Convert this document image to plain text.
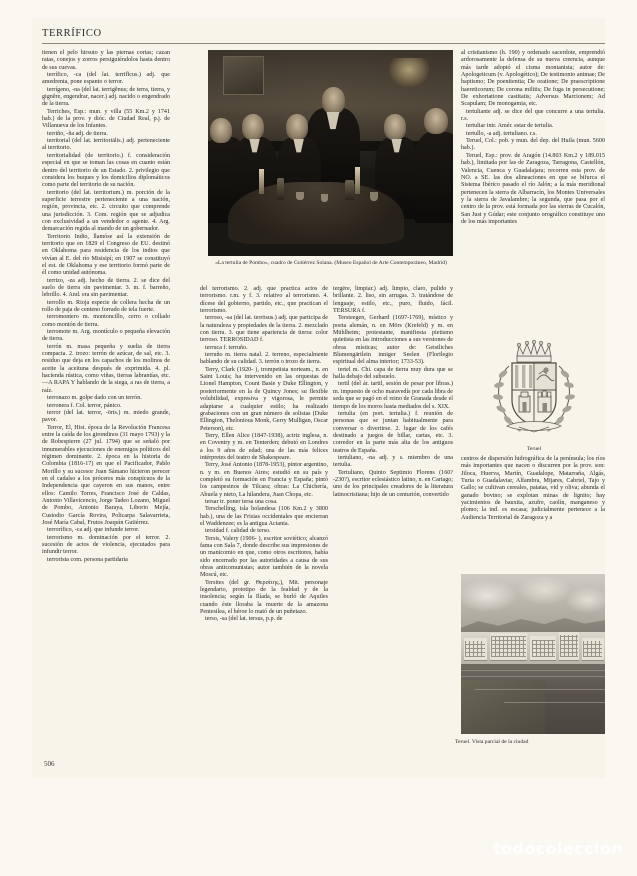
TERRÍFICO
«La tertulia de Pombo», cuadro de Gutiérrez Solana. (Museo Español de Arte Contemporáneo, Madrid)

tienen el pelo hirsuto y las piernas cortas; cazan ratas, conejos y zorros persiguiéndolos hasta dentro de sus cuevas.

terrífico, -ca (del lat. terrifĭcus.) adj. que amedrenta, pone espanto o terror.

terrígeno, -na (del lat. terrigĕnus; de terra, tierra, y gignĕre, engendrar, nacer.) adj. nacido o engendrado de la tierra.

Terriches, Esp.: mun. y villa (55 Km.2 y 1741 hab.) de la prov. y dióc. de Ciudad Real, p.j. de Villanueva de los Infantes.

terriño, -ña adj. de tierra.

territorial (del lat. territoriālis.) adj. perteneciente al territorio.

territorialidad (de territorio.) f. consideración especial en que se toman las cosas en cuanto están dentro del territorio de un Estado. 2. privilegio que considera los buques y los domicilios diplomáticos como parte del territorio de su nación.

territorio (del lat. territorium.) m. porción de la superficie terrestre perteneciente a una nación, región, provincia, etc. 2. circuito que comprende una jurisdicción. 3. Com. región que se adjudica con exclusividad a un vendedor o agente. 4. Arg. demarcación regida al mando de un gobernador.

Territorio Indio, llamóse así la extensión de territorio que en 1829 el Congreso de EU. destinó en Oklahoma para residencia de los indios que vivían al E. del río Misisipí; en 1907 se constituyó el est. de Oklahoma y ese territorio formó parte de él como unidad autónoma.

terrizo, -za adj. hecho de tierra. 2. se dice del suelo de tierra sin pavimentar. 3. m. f. barreño, lebrillo. 4. And. era sin pavimentar.

terrollo m. Rioja especie de collera hecha de un rollo de paja de centeno forrado de tela fuerte.

terromontero m. montoncillo, cerro o collado como montón de tierra.

terromote m. Arg. montículo o pequeña elevación de tierra.

terrón m. masa pequeña y suelta de tierra compacta. 2. trozo: terrón de azúcar, de sal, etc. 3. residuo que deja en los capachos de los molinos de aceite la aceituna después de exprimida. 4. pl. hacienda rústica, como viñas, tierras labrantías, etc.—A RAPA Y hablando de la siega, a ras de tierra, a raíz.

terronazo m. golpe dado con un terrón.

terronera f. Col. terror, pánico.

terror (del lat. terror, -ōris.) m. miedo grande, pavor.

Terror, El, Hist. época de la Revolución Francesa entre la caída de los girondinos (31 mayo 1793) y la de Robespierre (27 jul. 1794) que se señaló por innumerables ejecuciones de enemigos políticos del régimen dominante. 2. época en la historia de Colombia (1816-17) en que el Pacificador, Pablo Morillo y su sucesor Juan Sámano hicieron perecer en el cadalso a los próceres más conspicuos de la Independencia que cayeron en sus manos, entre ellos: Camilo Torres, Francisco José de Caldas, Antonio Villavicencio, Jorge Tadeo Lozano, Miguel de Pombo, Antonio Baraya, Liborio Mejía, Custodio García Rovira, Policarpa Salavarrieta, José María Cabal, Frutos Joaquín Gutiérrez.

terrorífico, -ca adj. que infunde terror.

terrorismo m. dominación por el terror. 2. sucesión de actos de violencia, ejecutados para infundir terror.

terrorista com. persona partidaria

del terrorismo. 2. adj. que practica actos de terrorismo. r.m. y f. 3. relativo al terrorismo. 4. dícese del gobierno, partido, etc., que practican el terrorismo.

terroso, -sa (del lat. terrōsus.) adj. que participa de la naturaleza y propiedades de la tierra. 2. mezclado con tierra. 3. que tiene apariencia de tierra: color terroso. TERROSIDAD f.

terruca f. terruño.

terruño m. tierra natal. 2. terreno, especialmente hablando de su calidad. 3. terrón o trozo de tierra.

Terry, Clark (1920- ), trompetista norteam., n. en Saint Louis; ha intervenido en las orquestas de Lionel Hampton, Count Basie y Duke Ellington, y posteriormente en la de Quincy Jones; su flexible volubilidad, expresiva y vigorosa, le permite adaptarse a cualquier estilo; ha realizado grabaciones con un gran número de solistas (Duke Ellington, Thelonious Monk, Gerry Mulligan, Oscar Peterson), etc.

Terry, Ellen Alice (1847-1938), actriz inglesa, n. en Coventry y m. en Tenterden; debutó en Londres a los 9 años de edad; una de las más felices intérpretes del teatro de Shakespeare.

Terry, José Antonio (1878-1953), pintor argentino, n. y m. en Buenos Aires; estudió en su país y completó su formación en Francia y España; pintó los campesinos de Tilcara; obras: La Chichería, Abuela y nieto, La hilandera, Juan Chopa, etc.

tersar tr. poner tersa una cosa.

Terschelling, isla holandesa (106 Km.2 y 3800 hab.), una de las Frisias occidentales que encierran el Waddenzee; es la antigua Actania.

tersidad f. calidad de terso.

Tersis, Valery (1906- ), escritor soviético; alcanzó fama con Sala 7, donde describe sus impresiones de un manicomio en que, como otros escritores, había sido encerrado por las autoridades a causa de sus obras anticomunistas; autor también de la novela Moscú, etc.

Tersites (del gr. Θερσίτης.), Mit. personaje legendario, prototipo de la fealdad y de la insolencia; según la Ilíada, se burló de Aquiles cuando éste lloraba la muerte de la amazona Pentesilea, el héroe lo mató de un puñetazo.

terso, -sa (del lat. tersus, p.p. de

tergēre, limpiar.) adj. limpio, claro, pulido y brillante. 2. liso, sin arrugas. 3. tratándose de lenguaje, estilo, etc., puro, fluido, fácil. TERSURA f.

Tersteegen, Gerhard (1697-1769), místico y poeta alemán, n. en Mörs (Krefeld) y m. en Mühlheim; protestante, manifiesta pietismo quietista en las introducciones a sus versiones de obras místicas; autor de: Geistliches Blumengärtlein inniger Seelen (Florilegio espiritual del alma interior; 1733-53).

tertel m. Chi. capa de tierra muy dura que se halla debajo del subsuelo.

tertil (del ár. tartil, sesión de pesar por libras.) m. impuesto de ocho maravedís por cada libra de seda que se pagó en el reino de Granada desde el tiempo de los moros hasta mediados del s. XIX.

tertulia (en port. tertulia.) f. reunión de personas que se juntan habitualmente para conversar o divertirse. 2. lugar de los cafés destinado a juegos de billar, cartas, etc. 3. corredor en la parte más alta de los antiguos teatros de España.

tertuliano, -na adj. y s. miembro de una tertulia.

Tertuliano, Quinto Septimio Florens (160?-230?), escritor eclesiástico latino, n. en Cartago; uno de los principales creadores de la literatura latinocristiana; hijo de un centurión, convertido

al cristianismo (h. 190) y ordenado sacerdote, emprendió ardorosamente la defensa de su nueva creencia, aunque más tarde adoptó el cisma montanista; autor de: Apologeticum (v. Apologético); De testimonio animae; De baptismo; De poenitentia; De oratione; De praescriptione haereticorum; De corona militis; De fuga in persecutione; De exhortatione castitatis; Adversus Marcionem; Ad Scapulam; De monogamia, etc.

tertuliante adj. se dice del que concurre a una tertulia. r.s.

tertuliar intr. Amér. estar de tertulia.

tertullo, -a adj. tertuliano. r.s.

Teruel, Col.: pob. y mun. del dep. del Huila (mun. 5600 hab.).

Teruel, Esp.: prov. de Aragón (14.803 Km.2 y 189.015 hab.), limitada por las de Zaragoza, Tarragona, Castellón, Valencia, Cuenca y Guadalajara; recorren esta prov. de NO. a SE. las dos alineaciones en que se bifurca el Sistema Ibérico pasado el río Jalón; a la más meridional pertenecen la sierra de Albarracín, los Montes Universales y la sierra de Javalambre; la segunda, que pasa por el centro de la prov. está formada por las sierras de Cucalón, San Just y Gúdar; este conjunto orográfico constituye uno de los más importantes

Teruel

centros de dispersión hidrográfica de la península; los ríos más importantes que nacen o discurren por la prov. son: Jiloca, Huerva, Martín, Guadalope, Matarraña, Algás, Turia o Guadalaviar, Alfambra, Mijares, Cabriel, Tajo y Gallo; se cultivan cereales, patatas, vid y oliva; abunda el ganado bovino; se explotan minas de lignito; hay yacimientos de bauxita, azufre, caolín, manganeso y plomo; la ind. es escasa; judicialmente pertenece a la Audiencia Territorial de Zaragoza y a

Teruel. Vista parcial de la ciudad
506
todocoleccion
